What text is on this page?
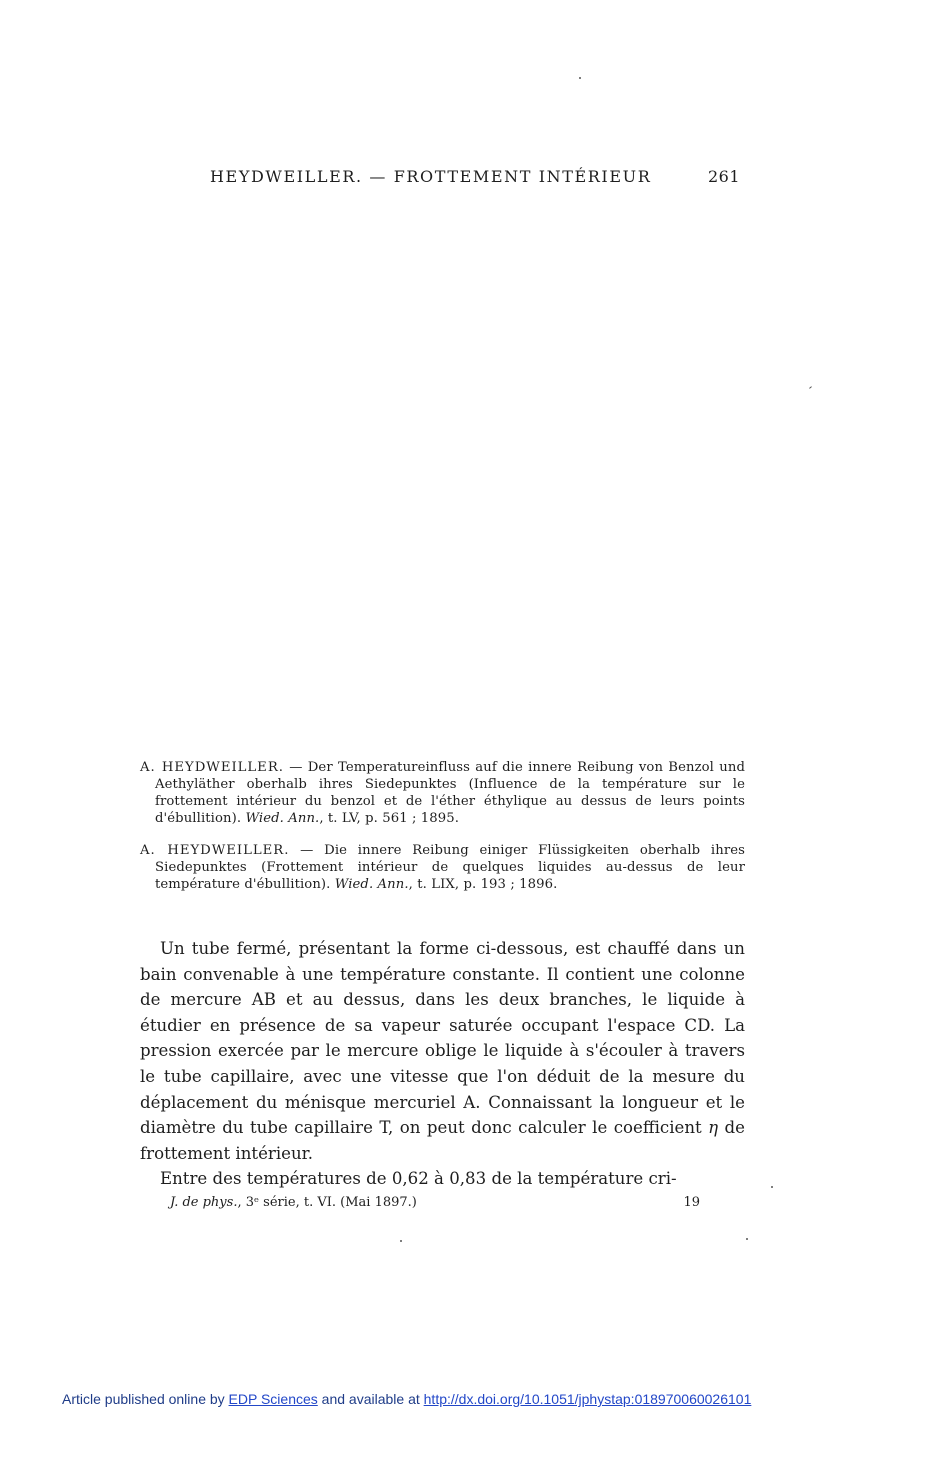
HEYDWEILLER. — FROTTEMENT INTÉRIEUR	261

A. HEYDWEILLER. — Der Temperatureinfluss auf die innere Reibung von Benzol und Aethyläther oberhalb ihres Siedepunktes (Influence de la température sur le frottement intérieur du benzol et de l'éther éthylique au dessus de leurs points d'ébullition). Wied. Ann., t. LV, p. 561 ; 1895.

A. HEYDWEILLER. — Die innere Reibung einiger Flüssigkeiten oberhalb ihres Siedepunktes (Frottement intérieur de quelques liquides au-dessus de leur température d'ébullition). Wied. Ann., t. LIX, p. 193 ; 1896.

Un tube fermé, présentant la forme ci-dessous, est chauffé dans un bain convenable à une température constante. Il contient une colonne de mercure AB et au dessus, dans les deux branches, le liquide à étudier en présence de sa vapeur saturée occupant l'espace CD. La pression exercée par le mercure oblige le liquide à s'écouler à travers le tube capillaire, avec une vitesse que l'on déduit de la mesure du déplacement du ménisque mercuriel A. Connaissant la longueur et le diamètre du tube capillaire T, on peut donc calculer le coefficient η de frottement intérieur.

Entre des températures de 0,62 à 0,83 de la température cri-

J. de phys., 3ᵉ série, t. VI. (Mai 1897.)	19
Article published online by EDP Sciences and available at http://dx.doi.org/10.1051/jphystap:018970060026101
